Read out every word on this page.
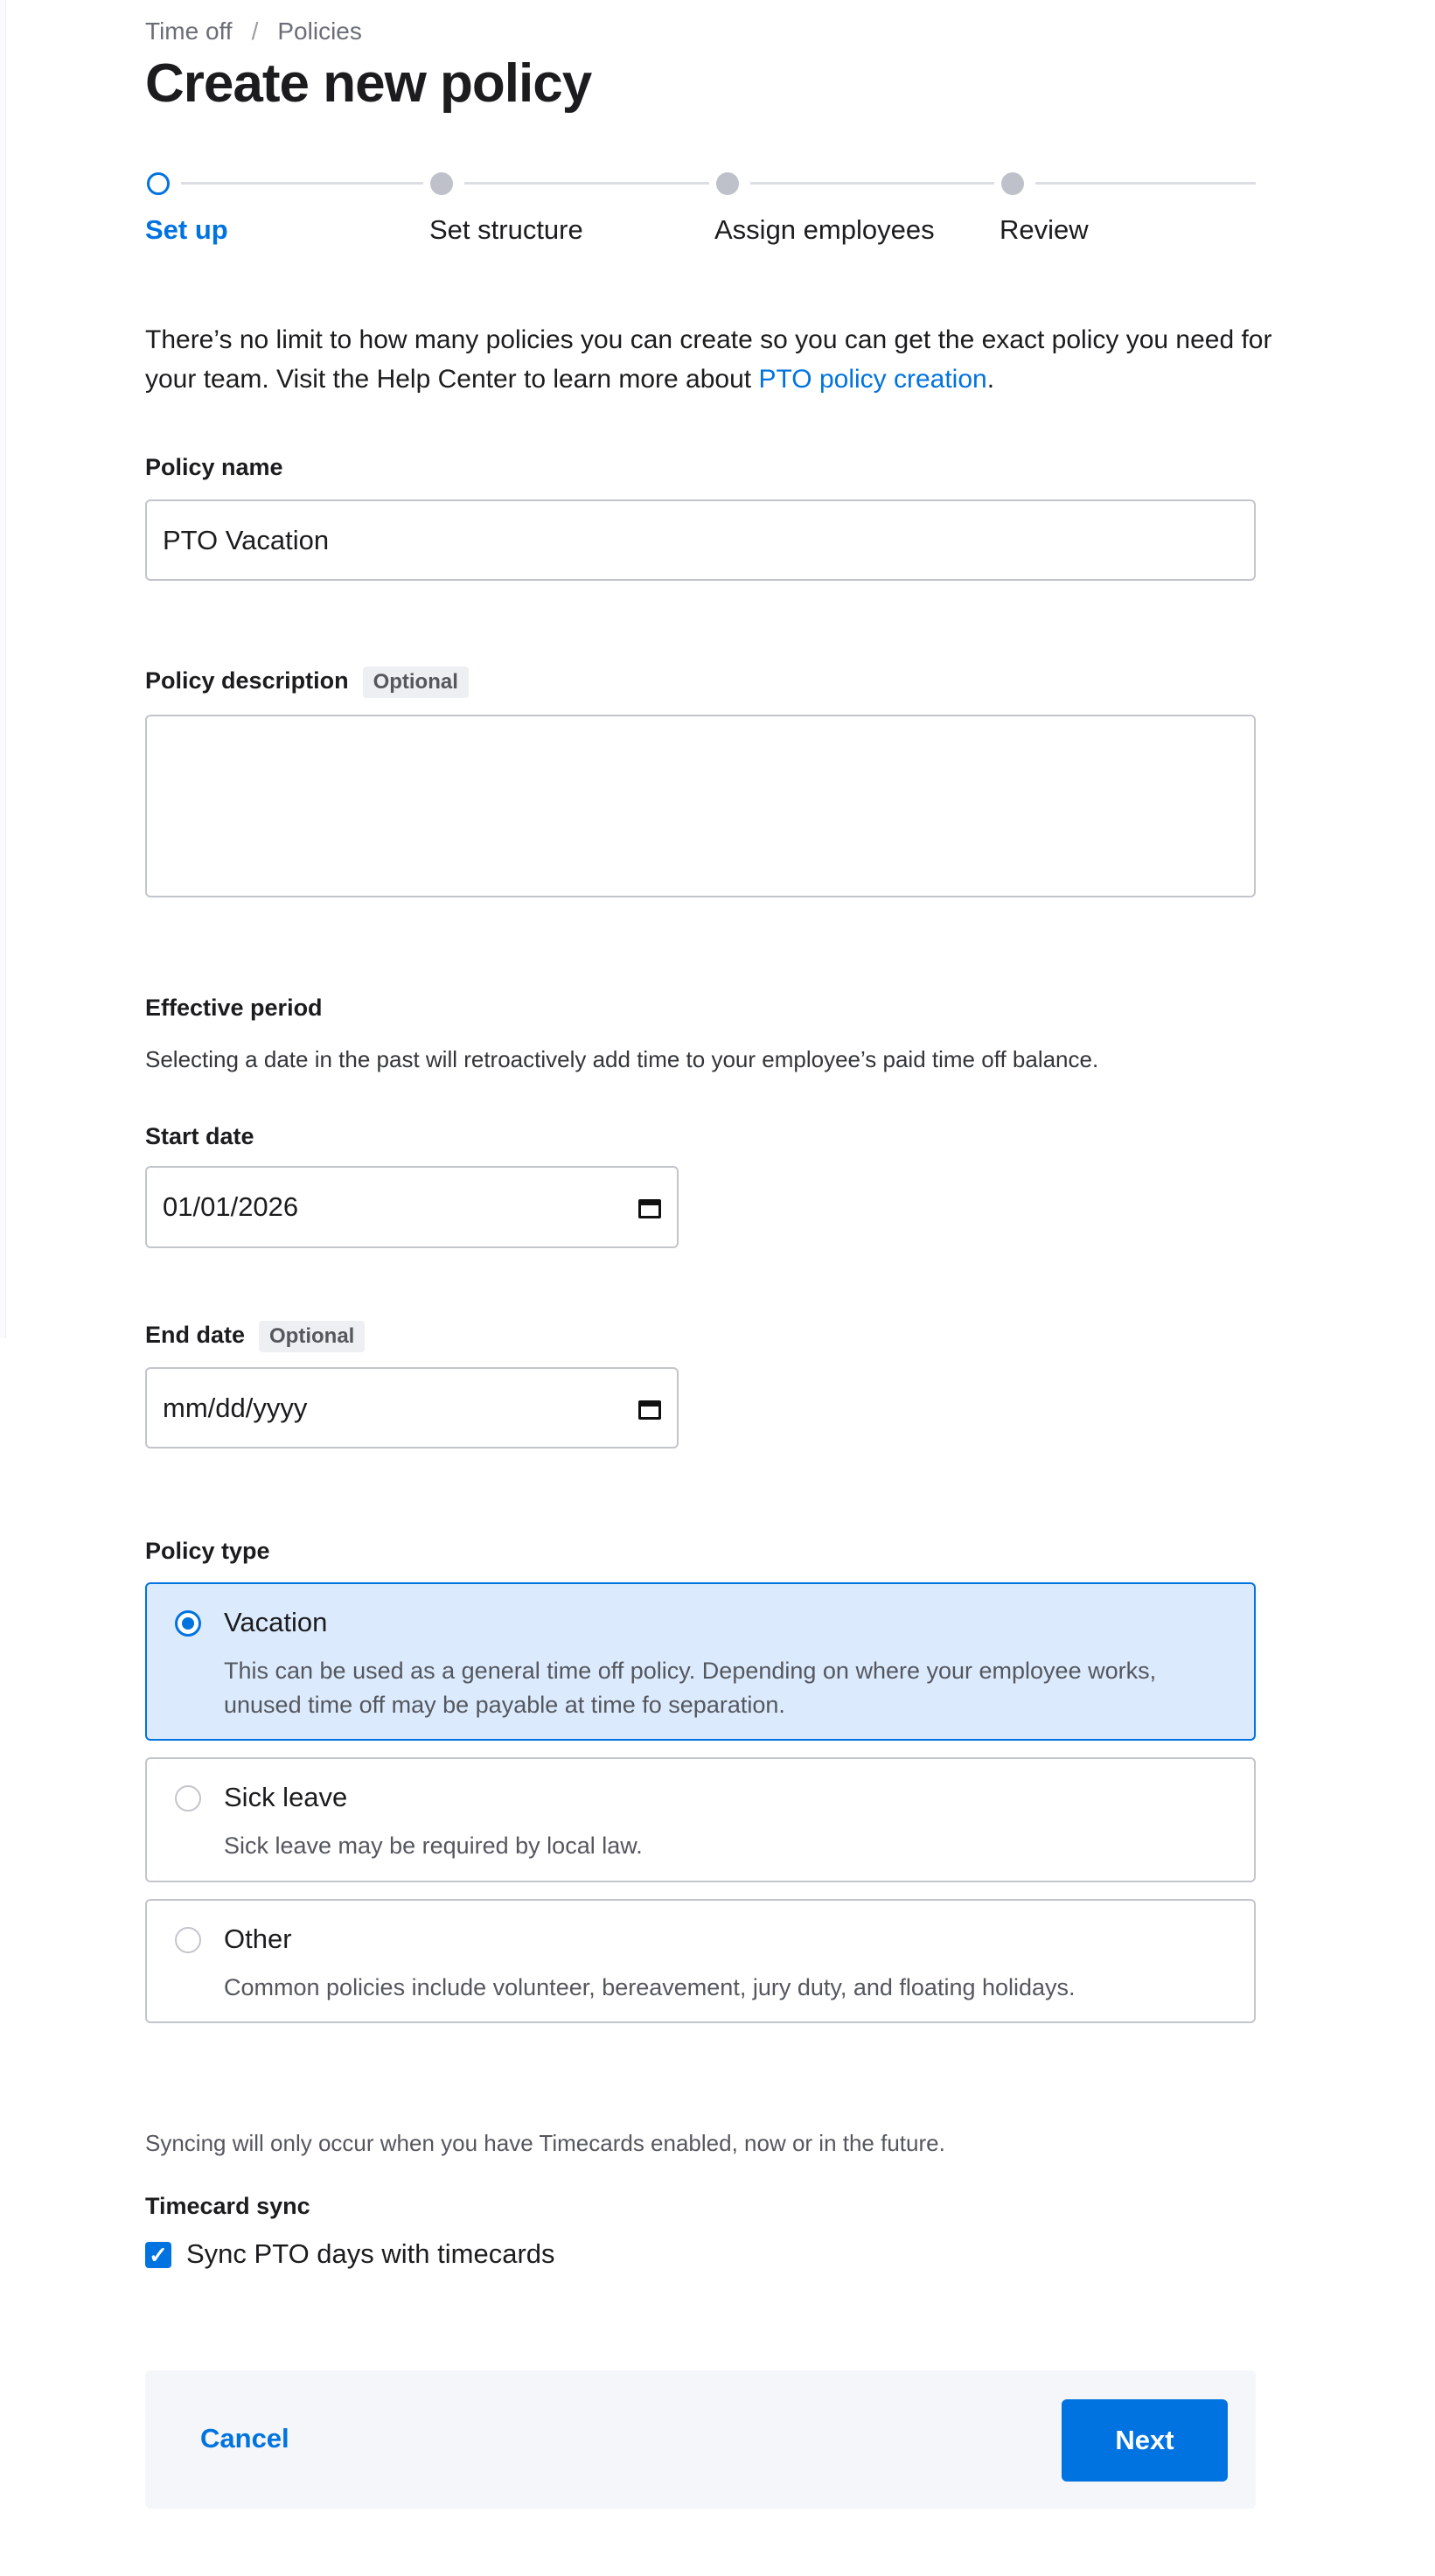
Time off / Policies
Create new policy
Set up	Set structure	Assign employees Review

There’s no limit to how many policies you can create so you can get the exact policy you need for your team. Visit the Help Center to learn more about PTO policy creation.

Policy name
PTO Vacation
Policy description Optional
Effective period
Selecting a date in the past will retroactively add time to your employee’s paid time off balance.
Start date
01/01/2026
End date Optional
mm/dd/yyyy
Policy type
Vacation
This can be used as a general time off policy. Depending on where your employee works, unused time off may be payable at time fo separation.
Sick leave
Sick leave may be required by local law.
Other
Common policies include volunteer, bereavement, jury duty, and floating holidays.
Syncing will only occur when you have Timecards enabled, now or in the future.
Timecard sync
✓ Sync PTO days with timecards
Cancel	Next
